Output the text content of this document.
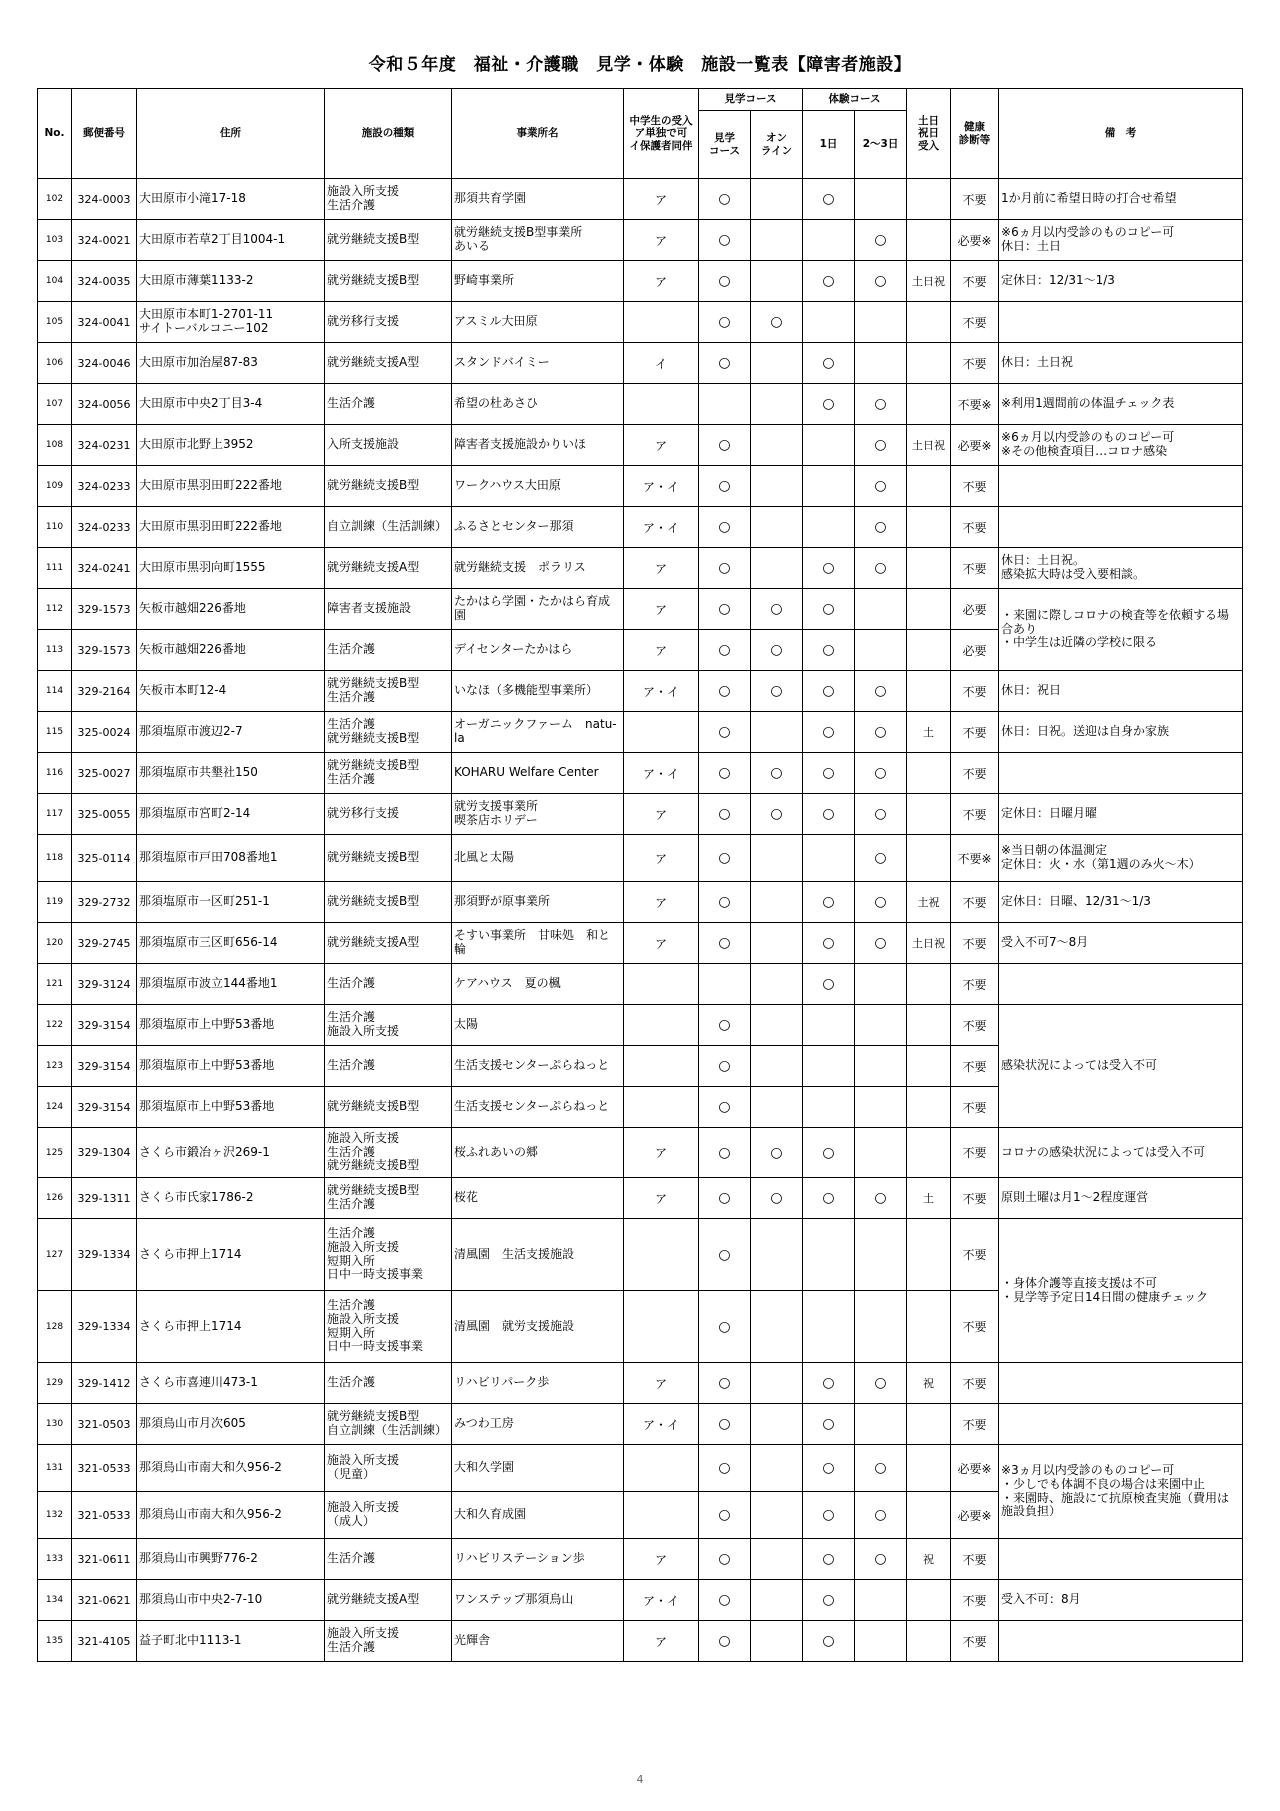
令和５年度　福祉・介護職　見学・体験　施設一覧表【障害者施設】
No.	郵便番号	住所	施設の種類	事業所名	中学生の受入
ア単独で可
イ保護者同伴	見学コース		体験コース		土日
祝日
受入	健康
診断等	備　考
						見学
コース	オン
ライン	1日	2〜3日			
102	324-0003	大田原市小滝17-18	施設入所支援
生活介護	那須共育学園	ア	○		○			不要	1か月前に希望日時の打合せ希望
103	324-0021	大田原市若草2丁目1004-1	就労継続支援B型	就労継続支援B型事業所
あいる	ア	○			○		必要※	※6ヵ月以内受診のものコピー可
休日：土日
104	324-0035	大田原市薄葉1133-2	就労継続支援B型	野崎事業所	ア	○		○	○	土日祝	不要	定休日：12/31〜1/3
105	324-0041	大田原市本町1-2701-11
サイトーバルコニー102	就労移行支援	アスミル大田原		○	○				不要	
106	324-0046	大田原市加治屋87-83	就労継続支援A型	スタンドバイミー	イ	○		○			不要	休日：土日祝
107	324-0056	大田原市中央2丁目3-4	生活介護	希望の杜あさひ				○	○		不要※	※利用1週間前の体温チェック表
108	324-0231	大田原市北野上3952	入所支援施設	障害者支援施設かりいほ	ア	○			○	土日祝	必要※	※6ヵ月以内受診のものコピー可
※その他検査項目…コロナ感染
109	324-0233	大田原市黒羽田町222番地	就労継続支援B型	ワークハウス大田原	ア・イ	○			○		不要	
110	324-0233	大田原市黒羽田町222番地	自立訓練（生活訓練）	ふるさとセンター那須	ア・イ	○			○		不要	
111	324-0241	大田原市黒羽向町1555	就労継続支援A型	就労継続支援　ポラリス	ア	○		○	○		不要	休日：土日祝。
感染拡大時は受入要相談。
112	329-1573	矢板市越畑226番地	障害者支援施設	たかはら学園・たかはら育成園	ア	○	○	○			必要	・来園に際しコロナの検査等を依頼する場合あり
・中学生は近隣の学校に限る
113	329-1573	矢板市越畑226番地	生活介護	デイセンターたかはら	ア	○	○	○			必要	
114	329-2164	矢板市本町12-4	就労継続支援B型
生活介護	いなほ（多機能型事業所）	ア・イ	○	○	○	○		不要	休日：祝日
115	325-0024	那須塩原市渡辺2-7	生活介護
就労継続支援B型	オーガニックファーム　natu-la		○		○	○	土	不要	休日：日祝。送迎は自身か家族
116	325-0027	那須塩原市共墾社150	就労継続支援B型
生活介護	KOHARU Welfare Center	ア・イ	○	○	○	○		不要	
117	325-0055	那須塩原市宮町2-14	就労移行支援	就労支援事業所
喫茶店ホリデー	ア	○	○	○	○		不要	定休日：日曜月曜
118	325-0114	那須塩原市戸田708番地1	就労継続支援B型	北風と太陽	ア	○			○		不要※	※当日朝の体温測定
定休日：火・水（第1週のみ火〜木）
119	329-2732	那須塩原市一区町251-1	就労継続支援B型	那須野が原事業所	ア	○		○	○	土祝	不要	定休日：日曜、12/31〜1/3
120	329-2745	那須塩原市三区町656-14	就労継続支援A型	そすい事業所　甘味処　和と輪	ア	○		○	○	土日祝	不要	受入不可7〜8月
121	329-3124	那須塩原市波立144番地1	生活介護	ケアハウス　夏の楓				○			不要	
122	329-3154	那須塩原市上中野53番地	生活介護
施設入所支援	太陽		○					不要	感染状況によっては受入不可
123	329-3154	那須塩原市上中野53番地	生活介護	生活支援センターぷらねっと		○					不要	
124	329-3154	那須塩原市上中野53番地	就労継続支援B型	生活支援センターぷらねっと		○					不要	
125	329-1304	さくら市鍛冶ヶ沢269-1	施設入所支援
生活介護
就労継続支援B型	桜ふれあいの郷	ア	○	○	○			不要	コロナの感染状況によっては受入不可
126	329-1311	さくら市氏家1786-2	就労継続支援B型
生活介護	桜花	ア	○	○	○	○	土	不要	原則土曜は月1〜2程度運営
127	329-1334	さくら市押上1714	生活介護
施設入所支援
短期入所
日中一時支援事業	清風園　生活支援施設		○					不要	・身体介護等直接支援は不可
・見学等予定日14日間の健康チェック
128	329-1334	さくら市押上1714	生活介護
施設入所支援
短期入所
日中一時支援事業	清風園　就労支援施設		○					不要	
129	329-1412	さくら市喜連川473-1	生活介護	リハビリパーク歩	ア	○		○	○	祝	不要	
130	321-0503	那須烏山市月次605	就労継続支援B型
自立訓練（生活訓練）	みつわ工房	ア・イ	○		○			不要	
131	321-0533	那須烏山市南大和久956-2	施設入所支援
（児童）	大和久学園		○		○	○		必要※	※3ヵ月以内受診のものコピー可
・少しでも体調不良の場合は来園中止
・来園時、施設にて抗原検査実施（費用は施設負担）
132	321-0533	那須烏山市南大和久956-2	施設入所支援
（成人）	大和久育成園		○		○	○		必要※	
133	321-0611	那須烏山市興野776-2	生活介護	リハビリステーション歩	ア	○		○	○	祝	不要	
134	321-0621	那須烏山市中央2-7-10	就労継続支援A型	ワンステップ那須烏山	ア・イ	○		○			不要	受入不可：8月
135	321-4105	益子町北中1113-1	施設入所支援
生活介護	光輝舎	ア	○		○			不要	
4
